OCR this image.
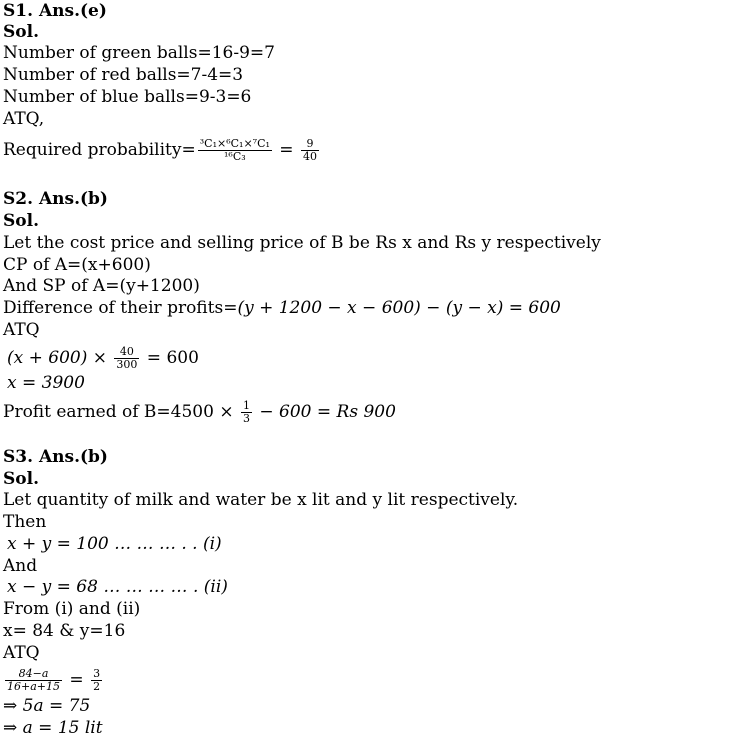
S1. Ans.(e)
Sol.
Number of green balls=16-9=7
Number of red balls=7-4=3
Number of blue balls=9-3=6
ATQ,
Required probability= $\frac{\text{³C₁×⁶C₁×⁷C₁}}{\text{¹⁶C₃}} = \frac{9}{40}$
S2. Ans.(b)
Sol.
Let the cost price and selling price of B be Rs x and Rs y respectively
CP of A=(x+600)
And SP of A=(y+1200)
Difference of their profits=(y + 1200 − x − 600) − (y − x) = 600
ATQ
$(x + 600) \times \frac{40}{300} = 600$
x = 3900
Profit earned of $B=4500 \times \frac{1}{3} - 600 = Rs$ 900
S3. Ans.(b)
Sol.
Let quantity of milk and water be x lit and y lit respectively.
Then
x + y = 100 … … … . . (i)
And
x − y = 68 … … … … . (ii)
From (i) and (ii)
x= 84 & y=16
ATQ
$\frac{84-a}{16+a+15} = \frac{3}{2}$
⇒ 5a = 75
⇒ a = 15 lit
